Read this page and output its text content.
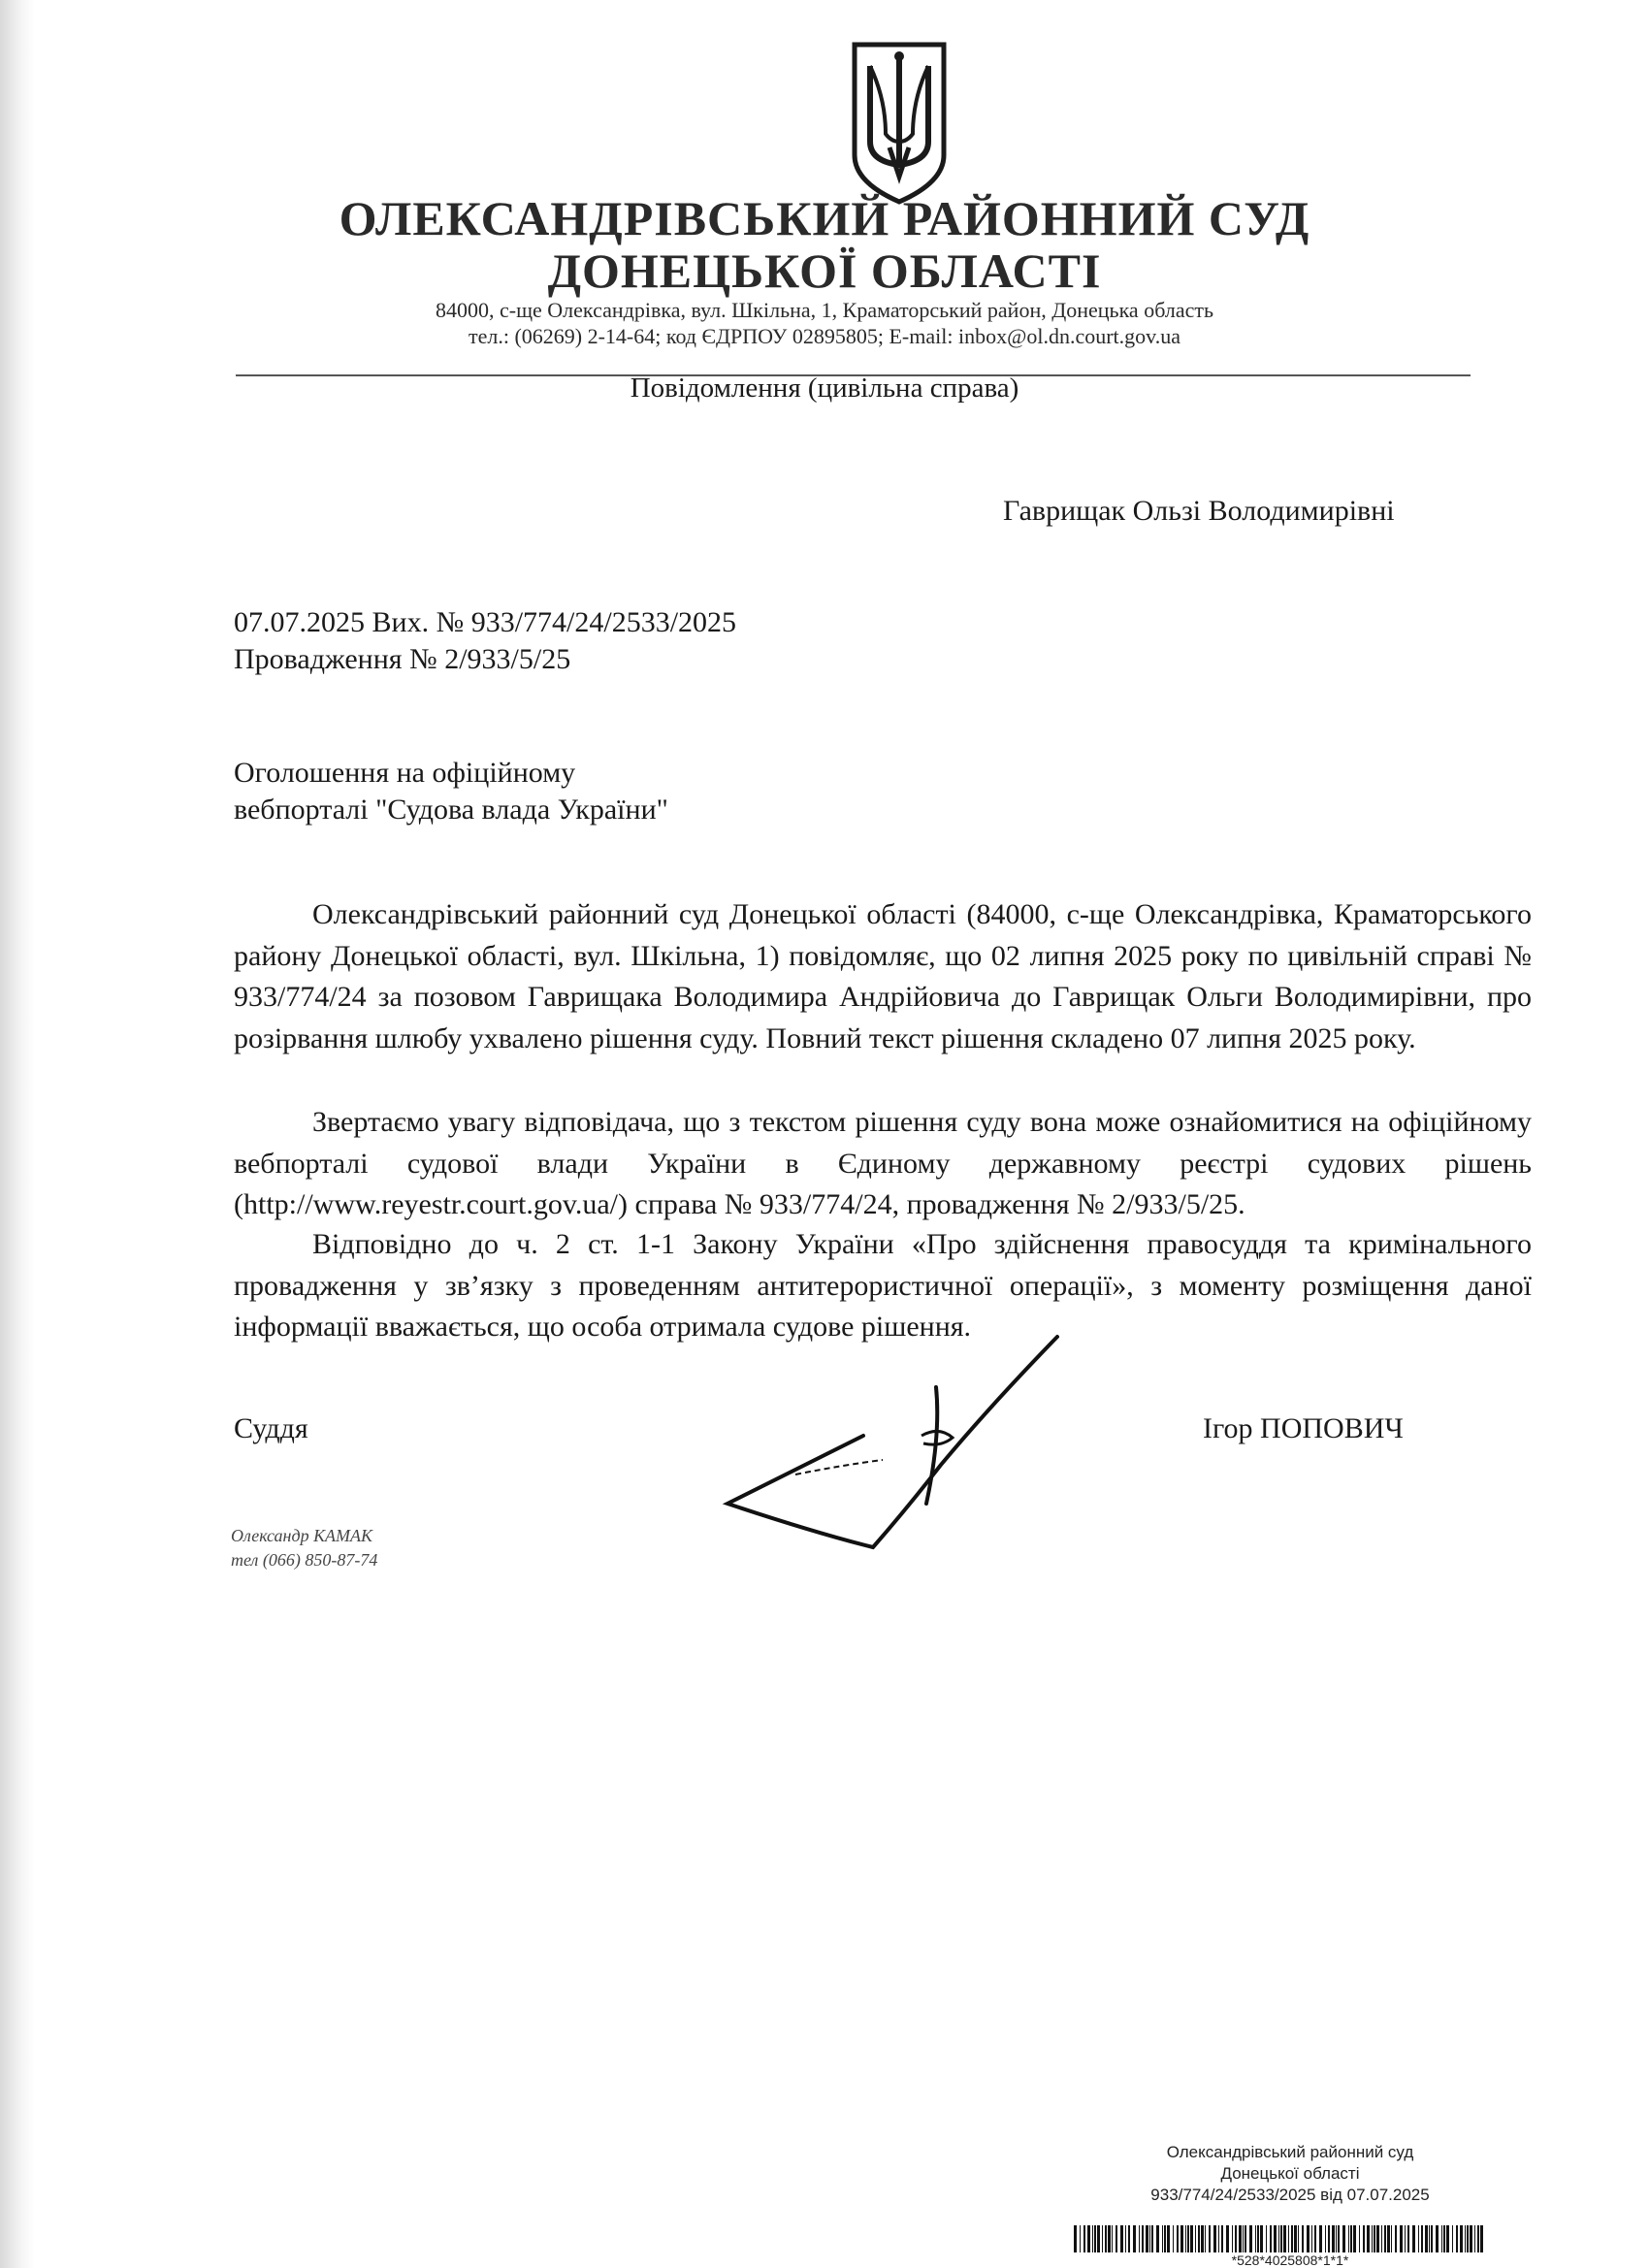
ОЛЕКСАНДРІВСЬКИЙ РАЙОННИЙ СУД
ДОНЕЦЬКОЇ ОБЛАСТІ
84000, с-ще Олександрівка, вул. Шкільна, 1, Краматорський район, Донецька область
тел.: (06269) 2-14-64; код ЄДРПОУ 02895805; E-mail: inbox@ol.dn.court.gov.ua
Повідомлення (цивільна справа)
Гаврищак Ользі Володимирівні
07.07.2025 Вих. № 933/774/24/2533/2025
Провадження № 2/933/5/25
Оголошення на офіційному
вебпорталі "Судова влада України"

Олександрівський районний суд Донецької області (84000, с-ще Олександрівка, Краматорського району Донецької області, вул. Шкільна, 1) повідомляє, що 02 липня 2025 року по цивільній справі № 933/774/24 за позовом Гаврищака Володимира Андрійовича до Гаврищак Ольги Володимирівни, про розірвання шлюбу ухвалено рішення суду. Повний текст рішення складено 07 липня 2025 року.

Звертаємо увагу відповідача, що з текстом рішення суду вона може ознайомитися на офіційному вебпорталі судової влади України в Єдиному державному реєстрі судових рішень (http://www.reyestr.court.gov.ua/) справа № 933/774/24, провадження № 2/933/5/25.

Відповідно до ч. 2 ст. 1-1 Закону України «Про здійснення правосуддя та кримінального провадження у зв’язку з проведенням антитерористичної операції», з моменту розміщення даної інформації вважається, що особа отримала судове рішення.

Суддя	Ігор ПОПОВИЧ
Олександр КАМАК
тел (066) 850-87-74
Олександрівський районний суд
Донецької області
933/774/24/2533/2025 від 07.07.2025
*528*4025808*1*1*
